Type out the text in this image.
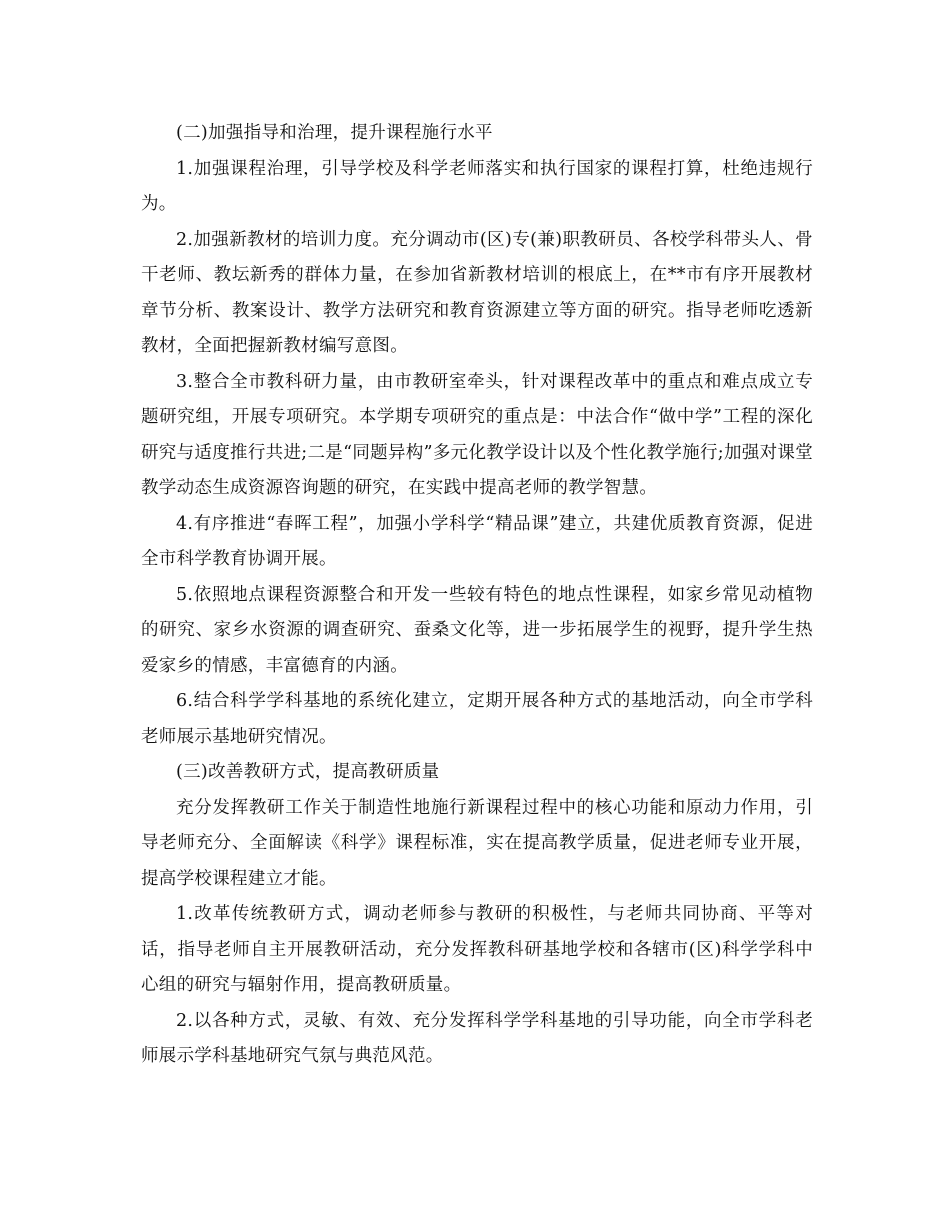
(二)加强指导和治理，提升课程施行水平

1.加强课程治理，引导学校及科学老师落实和执行国家的课程打算，杜绝违规行为。

2.加强新教材的培训力度。充分调动市(区)专(兼)职教研员、各校学科带头人、骨干老师、教坛新秀的群体力量，在参加省新教材培训的根底上，在**市有序开展教材章节分析、教案设计、教学方法研究和教育资源建立等方面的研究。指导老师吃透新教材，全面把握新教材编写意图。

3.整合全市教科研力量，由市教研室牵头，针对课程改革中的重点和难点成立专题研究组，开展专项研究。本学期专项研究的重点是：中法合作“做中学”工程的深化研究与适度推行共进;二是“同题异构”多元化教学设计以及个性化教学施行;加强对课堂教学动态生成资源咨询题的研究，在实践中提高老师的教学智慧。

4.有序推进“春晖工程”，加强小学科学“精品课”建立，共建优质教育资源，促进全市科学教育协调开展。

5.依照地点课程资源整合和开发一些较有特色的地点性课程，如家乡常见动植物的研究、家乡水资源的调查研究、蚕桑文化等，进一步拓展学生的视野，提升学生热爱家乡的情感，丰富德育的内涵。

6.结合科学学科基地的系统化建立，定期开展各种方式的基地活动，向全市学科老师展示基地研究情况。

(三)改善教研方式，提高教研质量

充分发挥教研工作关于制造性地施行新课程过程中的核心功能和原动力作用，引导老师充分、全面解读《科学》课程标准，实在提高教学质量，促进老师专业开展，提高学校课程建立才能。

1.改革传统教研方式，调动老师参与教研的积极性，与老师共同协商、平等对话，指导老师自主开展教研活动，充分发挥教科研基地学校和各辖市(区)科学学科中心组的研究与辐射作用，提高教研质量。

2.以各种方式，灵敏、有效、充分发挥科学学科基地的引导功能，向全市学科老师展示学科基地研究气氛与典范风范。
